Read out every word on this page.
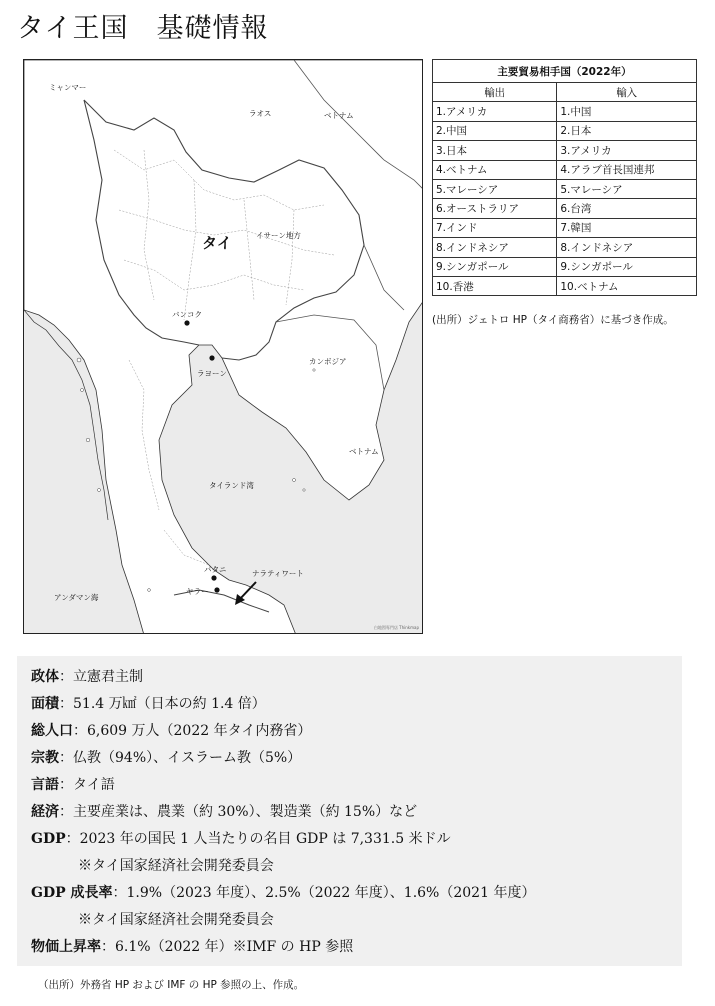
タイ王国　基礎情報
ミャンマー
ラオス	ベトナム
タイ	イサーン地方
バンコク
ラヨーン
カンボジア
ベトナム
タイランド湾
パタニ	ナラティワート
ヤラー
アンダマン海
白地図専門店 Thinkmap
主要貿易相手国（2022年）	
輸出	輸入
1.アメリカ	1.中国
2.中国	2.日本
3.日本	3.アメリカ
4.ベトナム	4.アラブ首長国連邦
5.マレーシア	5.マレーシア
6.オーストラリア	6.台湾
7.インド	7.韓国
8.インドネシア	8.インドネシア
9.シンガポール	9.シンガポール
10.香港	10.ベトナム
(出所）ジェトロ HP（タイ商務省）に基づき作成。
政体：立憲君主制
面積：51.4 万㎢（日本の約 1.4 倍）
総人口：6,609 万人（2022 年タイ内務省）
宗教：仏教（94%）、イスラーム教（5%）
言語：タイ語
経済：主要産業は、農業（約 30%）、製造業（約 15%）など
GDP：2023 年の国民 1 人当たりの名目 GDP は 7,331.5 米ドル
※タイ国家経済社会開発委員会
GDP 成長率：1.9%（2023 年度）、2.5%（2022 年度）、1.6%（2021 年度）
※タイ国家経済社会開発委員会
物価上昇率：6.1%（2022 年）※IMF の HP 参照
（出所）外務省 HP および IMF の HP 参照の上、作成。
